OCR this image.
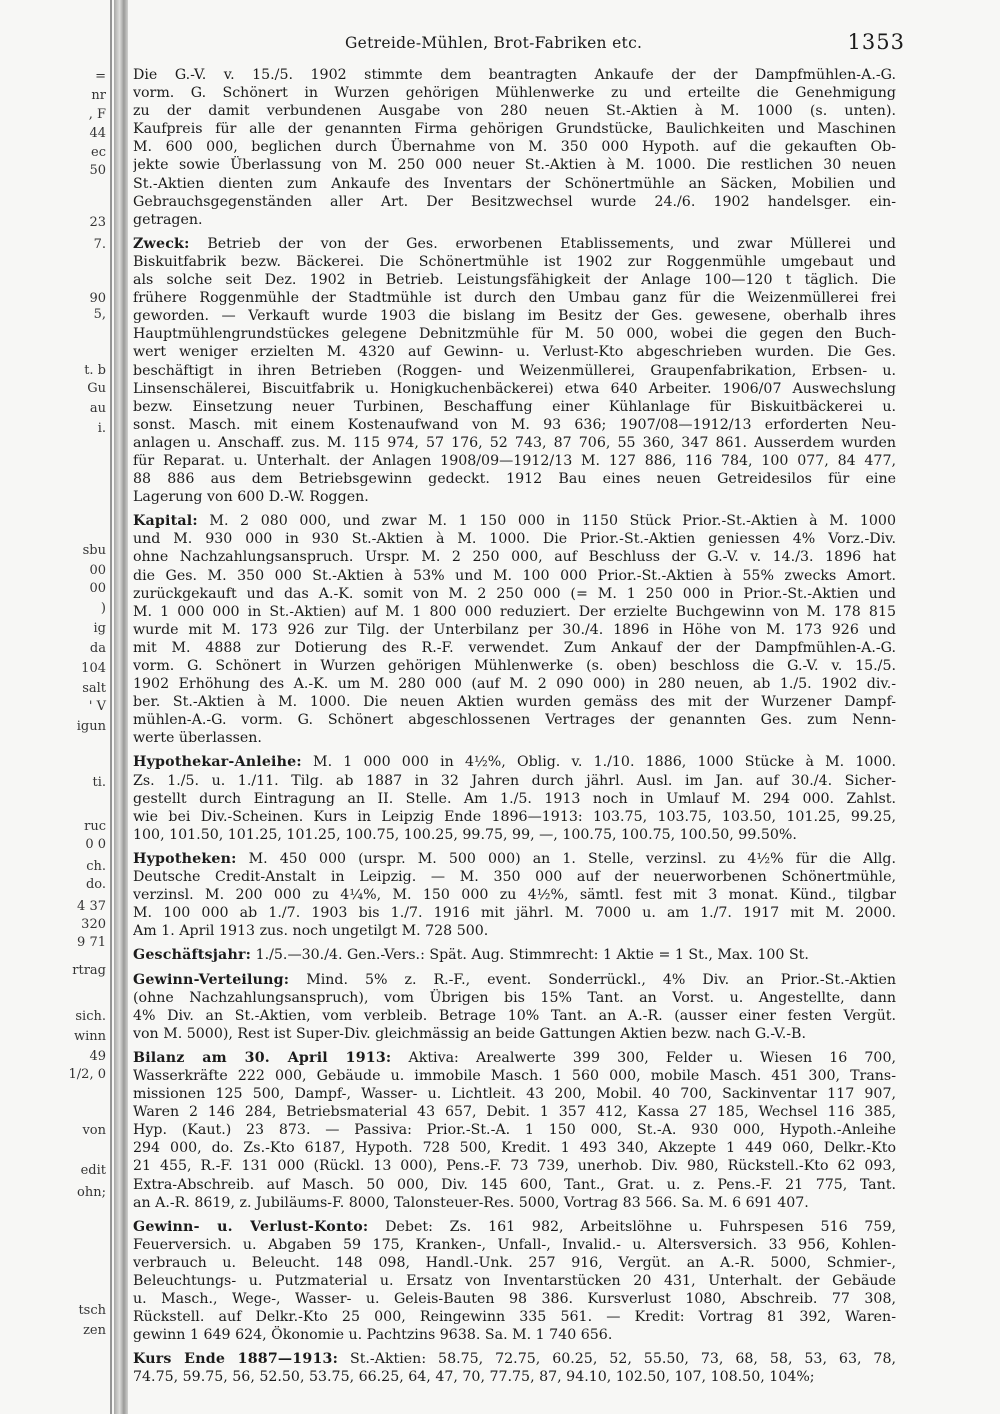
=
nr
, F
44
ec
50
23
7.
90
5,
t. b
Gu
au
i.
sbu
00
00
)
ig
da
104
salt
' V
igun
ti.
ruc
0 0
ch.
do.
4 37
320
9 71
rtrag
sich.
winn
49
1/2, 0
von
edit
ohn;
tsch
zen
Getreide-Mühlen, Brot-Fabriken etc.	1353
Die G.-V. v. 15./5. 1902 stimmte dem beantragten Ankaufe der der Dampfmühlen-A.-G.
vorm. G. Schönert in Wurzen gehörigen Mühlenwerke zu und erteilte die Genehmigung
zu der damit verbundenen Ausgabe von 280 neuen St.-Aktien à M. 1000 (s. unten).
Kaufpreis für alle der genannten Firma gehörigen Grundstücke, Baulichkeiten und Maschinen
M. 600 000, beglichen durch Übernahme von M. 350 000 Hypoth. auf die gekauften Ob-
jekte sowie Überlassung von M. 250 000 neuer St.-Aktien à M. 1000. Die restlichen 30 neuen
St.-Aktien dienten zum Ankaufe des Inventars der Schönertmühle an Säcken, Mobilien und
Gebrauchsgegenständen aller Art. Der Besitzwechsel wurde 24./6. 1902 handelsger. ein-
getragen.
Zweck: Betrieb der von der Ges. erworbenen Etablissements, und zwar Müllerei und
Biskuitfabrik bezw. Bäckerei. Die Schönertmühle ist 1902 zur Roggenmühle umgebaut und
als solche seit Dez. 1902 in Betrieb. Leistungsfähigkeit der Anlage 100—120 t täglich. Die
frühere Roggenmühle der Stadtmühle ist durch den Umbau ganz für die Weizenmüllerei frei
geworden. — Verkauft wurde 1903 die bislang im Besitz der Ges. gewesene, oberhalb ihres
Hauptmühlengrundstückes gelegene Debnitzmühle für M. 50 000, wobei die gegen den Buch-
wert weniger erzielten M. 4320 auf Gewinn- u. Verlust-Kto abgeschrieben wurden. Die Ges.
beschäftigt in ihren Betrieben (Roggen- und Weizenmüllerei, Graupenfabrikation, Erbsen- u.
Linsenschälerei, Biscuitfabrik u. Honigkuchenbäckerei) etwa 640 Arbeiter. 1906/07 Auswechslung
bezw. Einsetzung neuer Turbinen, Beschaffung einer Kühlanlage für Biskuitbäckerei u.
sonst. Masch. mit einem Kostenaufwand von M. 93 636; 1907/08—1912/13 erforderten Neu-
anlagen u. Anschaff. zus. M. 115 974, 57 176, 52 743, 87 706, 55 360, 347 861. Ausserdem wurden
für Reparat. u. Unterhalt. der Anlagen 1908/09—1912/13 M. 127 886, 116 784, 100 077, 84 477,
88 886 aus dem Betriebsgewinn gedeckt. 1912 Bau eines neuen Getreidesilos für eine
Lagerung von 600 D.-W. Roggen.
Kapital: M. 2 080 000, und zwar M. 1 150 000 in 1150 Stück Prior.-St.-Aktien à M. 1000
und M. 930 000 in 930 St.-Aktien à M. 1000. Die Prior.-St.-Aktien geniessen 4% Vorz.-Div.
ohne Nachzahlungsanspruch. Urspr. M. 2 250 000, auf Beschluss der G.-V. v. 14./3. 1896 hat
die Ges. M. 350 000 St.-Aktien à 53% und M. 100 000 Prior.-St.-Aktien à 55% zwecks Amort.
zurückgekauft und das A.-K. somit von M. 2 250 000 (= M. 1 250 000 in Prior.-St.-Aktien und
M. 1 000 000 in St.-Aktien) auf M. 1 800 000 reduziert. Der erzielte Buchgewinn von M. 178 815
wurde mit M. 173 926 zur Tilg. der Unterbilanz per 30./4. 1896 in Höhe von M. 173 926 und
mit M. 4888 zur Dotierung des R.-F. verwendet. Zum Ankauf der der Dampfmühlen-A.-G.
vorm. G. Schönert in Wurzen gehörigen Mühlenwerke (s. oben) beschloss die G.-V. v. 15./5.
1902 Erhöhung des A.-K. um M. 280 000 (auf M. 2 090 000) in 280 neuen, ab 1./5. 1902 div.-
ber. St.-Aktien à M. 1000. Die neuen Aktien wurden gemäss des mit der Wurzener Dampf-
mühlen-A.-G. vorm. G. Schönert abgeschlossenen Vertrages der genannten Ges. zum Nenn-
werte überlassen.
Hypothekar-Anleihe: M. 1 000 000 in 4½%, Oblig. v. 1./10. 1886, 1000 Stücke à M. 1000.
Zs. 1./5. u. 1./11. Tilg. ab 1887 in 32 Jahren durch jährl. Ausl. im Jan. auf 30./4. Sicher-
gestellt durch Eintragung an II. Stelle. Am 1./5. 1913 noch in Umlauf M. 294 000. Zahlst.
wie bei Div.-Scheinen. Kurs in Leipzig Ende 1896—1913: 103.75, 103.75, 103.50, 101.25, 99.25,
100, 101.50, 101.25, 101.25, 100.75, 100.25, 99.75, 99, —, 100.75, 100.75, 100.50, 99.50%.
Hypotheken: M. 450 000 (urspr. M. 500 000) an 1. Stelle, verzinsl. zu 4½% für die Allg.
Deutsche Credit-Anstalt in Leipzig. — M. 350 000 auf der neuerworbenen Schönertmühle,
verzinsl. M. 200 000 zu 4¼%, M. 150 000 zu 4½%, sämtl. fest mit 3 monat. Künd., tilgbar
M. 100 000 ab 1./7. 1903 bis 1./7. 1916 mit jährl. M. 7000 u. am 1./7. 1917 mit M. 2000.
Am 1. April 1913 zus. noch ungetilgt M. 728 500.
Geschäftsjahr: 1./5.—30./4. Gen.-Vers.: Spät. Aug. Stimmrecht: 1 Aktie = 1 St., Max. 100 St.
Gewinn-Verteilung: Mind. 5% z. R.-F., event. Sonderrückl., 4% Div. an Prior.-St.-Aktien
(ohne Nachzahlungsanspruch), vom Übrigen bis 15% Tant. an Vorst. u. Angestellte, dann
4% Div. an St.-Aktien, vom verbleib. Betrage 10% Tant. an A.-R. (ausser einer festen Vergüt.
von M. 5000), Rest ist Super-Div. gleichmässig an beide Gattungen Aktien bezw. nach G.-V.-B.
Bilanz am 30. April 1913: Aktiva: Arealwerte 399 300, Felder u. Wiesen 16 700,
Wasserkräfte 222 000, Gebäude u. immobile Masch. 1 560 000, mobile Masch. 451 300, Trans-
missionen 125 500, Dampf-, Wasser- u. Lichtleit. 43 200, Mobil. 40 700, Sackinventar 117 907,
Waren 2 146 284, Betriebsmaterial 43 657, Debit. 1 357 412, Kassa 27 185, Wechsel 116 385,
Hyp. (Kaut.) 23 873. — Passiva: Prior.-St.-A. 1 150 000, St.-A. 930 000, Hypoth.-Anleihe
294 000, do. Zs.-Kto 6187, Hypoth. 728 500, Kredit. 1 493 340, Akzepte 1 449 060, Delkr.-Kto
21 455, R.-F. 131 000 (Rückl. 13 000), Pens.-F. 73 739, unerhob. Div. 980, Rückstell.-Kto 62 093,
Extra-Abschreib. auf Masch. 50 000, Div. 145 600, Tant., Grat. u. z. Pens.-F. 21 775, Tant.
an A.-R. 8619, z. Jubiläums-F. 8000, Talonsteuer-Res. 5000, Vortrag 83 566. Sa. M. 6 691 407.
Gewinn- u. Verlust-Konto: Debet: Zs. 161 982, Arbeitslöhne u. Fuhrspesen 516 759,
Feuerversich. u. Abgaben 59 175, Kranken-, Unfall-, Invalid.- u. Altersversich. 33 956, Kohlen-
verbrauch u. Beleucht. 148 098, Handl.-Unk. 257 916, Vergüt. an A.-R. 5000, Schmier-,
Beleuchtungs- u. Putzmaterial u. Ersatz von Inventarstücken 20 431, Unterhalt. der Gebäude
u. Masch., Wege-, Wasser- u. Geleis-Bauten 98 386. Kursverlust 1080, Abschreib. 77 308,
Rückstell. auf Delkr.-Kto 25 000, Reingewinn 335 561. — Kredit: Vortrag 81 392, Waren-
gewinn 1 649 624, Ökonomie u. Pachtzins 9638. Sa. M. 1 740 656.
Kurs Ende 1887—1913: St.-Aktien: 58.75, 72.75, 60.25, 52, 55.50, 73, 68, 58, 53, 63, 78,
74.75, 59.75, 56, 52.50, 53.75, 66.25, 64, 47, 70, 77.75, 87, 94.10, 102.50, 107, 108.50, 104%;
